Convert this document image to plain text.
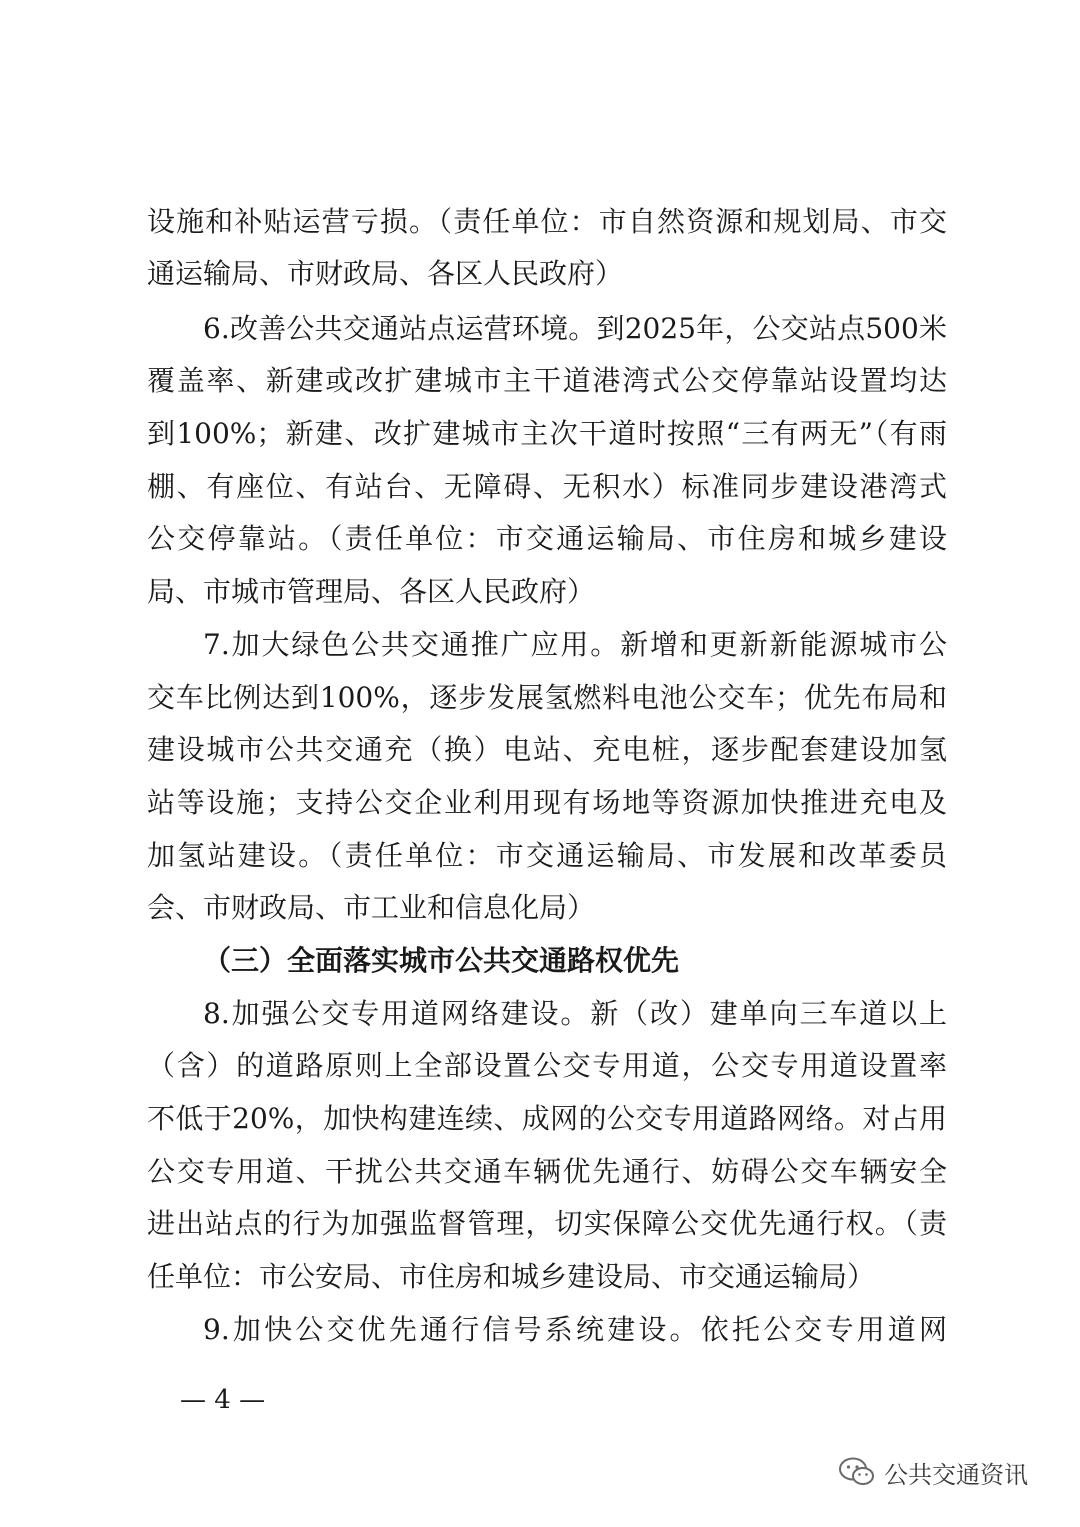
设施和补贴运营亏损。（责任单位：市自然资源和规划局、市交
通运输局、市财政局、各区人民政府）
6.改善公共交通站点运营环境。到2025年，公交站点500米
覆盖率、新建或改扩建城市主干道港湾式公交停靠站设置均达
到100%；新建、改扩建城市主次干道时按照“三有两无”（有雨
棚、有座位、有站台、无障碍、无积水）标准同步建设港湾式
公交停靠站。（责任单位：市交通运输局、市住房和城乡建设
局、市城市管理局、各区人民政府）
7.加大绿色公共交通推广应用。新增和更新新能源城市公
交车比例达到100%，逐步发展氢燃料电池公交车；优先布局和
建设城市公共交通充（换）电站、充电桩，逐步配套建设加氢
站等设施；支持公交企业利用现有场地等资源加快推进充电及
加氢站建设。（责任单位：市交通运输局、市发展和改革委员
会、市财政局、市工业和信息化局）
（三）全面落实城市公共交通路权优先
8.加强公交专用道网络建设。新（改）建单向三车道以上
（含）的道路原则上全部设置公交专用道，公交专用道设置率
不低于20%，加快构建连续、成网的公交专用道路网络。对占用
公交专用道、干扰公共交通车辆优先通行、妨碍公交车辆安全
进出站点的行为加强监督管理，切实保障公交优先通行权。（责
任单位：市公安局、市住房和城乡建设局、市交通运输局）
9.加快公交优先通行信号系统建设。依托公交专用道网
— 4 —
公共交通资讯
